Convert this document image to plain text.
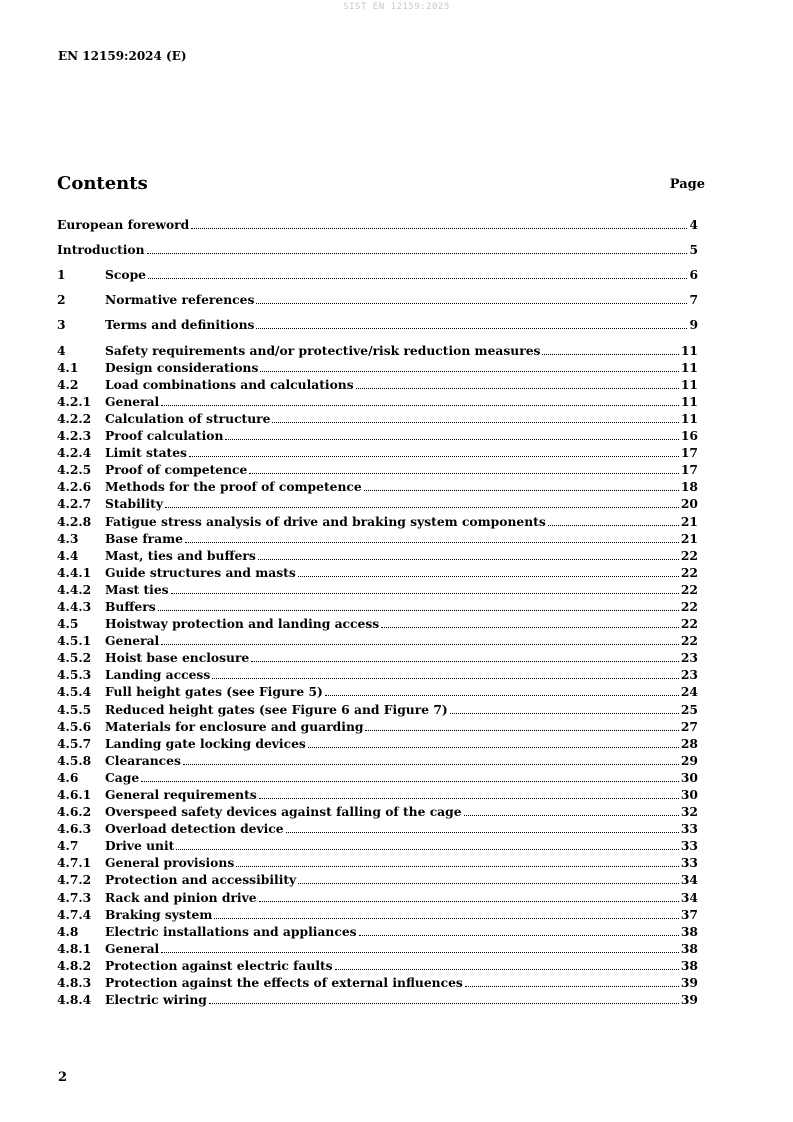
SIST EN 12159:2025
EN 12159:2024 (E)
Contents	Page
European foreword	4
Introduction	5
1	Scope	6
2	Normative references	7
3	Terms and definitions	9
4	Safety requirements and/or protective/risk reduction measures	11
4.1	Design considerations	11
4.2	Load combinations and calculations	11
4.2.1	General	11
4.2.2	Calculation of structure	11
4.2.3	Proof calculation	16
4.2.4	Limit states	17
4.2.5	Proof of competence	17
4.2.6	Methods for the proof of competence	18
4.2.7	Stability	20
4.2.8	Fatigue stress analysis of drive and braking system components	21
4.3	Base frame	21
4.4	Mast, ties and buffers	22
4.4.1	Guide structures and masts	22
4.4.2	Mast ties	22
4.4.3	Buffers	22
4.5	Hoistway protection and landing access	22
4.5.1	General	22
4.5.2	Hoist base enclosure	23
4.5.3	Landing access	23
4.5.4	Full height gates (see Figure 5)	24
4.5.5	Reduced height gates (see Figure 6 and Figure 7)	25
4.5.6	Materials for enclosure and guarding	27
4.5.7	Landing gate locking devices	28
4.5.8	Clearances	29
4.6	Cage	30
4.6.1	General requirements	30
4.6.2	Overspeed safety devices against falling of the cage	32
4.6.3	Overload detection device	33
4.7	Drive unit	33
4.7.1	General provisions	33
4.7.2	Protection and accessibility	34
4.7.3	Rack and pinion drive	34
4.7.4	Braking system	37
4.8	Electric installations and appliances	38
4.8.1	General	38
4.8.2	Protection against electric faults	38
4.8.3	Protection against the effects of external influences	39
4.8.4	Electric wiring	39
2
